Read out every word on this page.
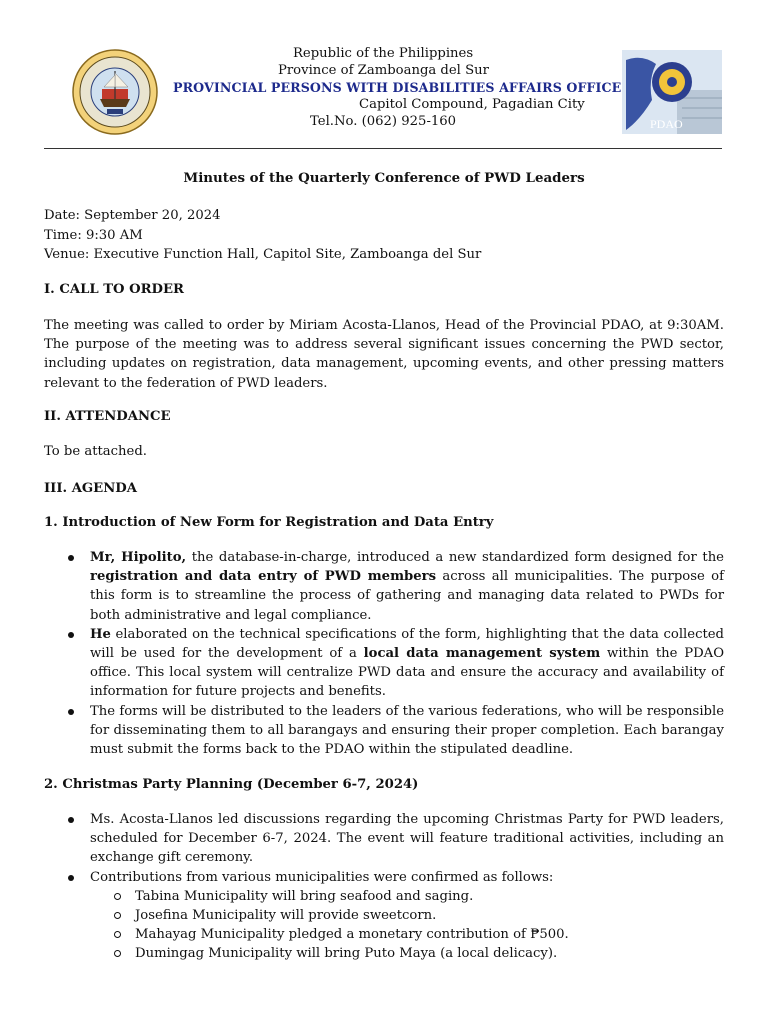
Republic of the Philippines
Province of Zamboanga del Sur
PROVINCIAL PERSONS WITH DISABILITIES AFFAIRS OFFICE
Capitol Compound, Pagadian City
Tel.No. (062) 925-160	PDAO
Minutes of the Quarterly Conference of PWD Leaders
Date: September 20, 2024
Time: 9:30 AM
Venue: Executive Function Hall, Capitol Site, Zamboanga del Sur
I. CALL TO ORDER
The meeting was called to order by Miriam Acosta-Llanos, Head of the Provincial PDAO, at 9:30AM. The purpose of the meeting was to address several significant issues concerning the PWD sector, including updates on registration, data management, upcoming events, and other pressing matters relevant to the federation of PWD leaders.
II. ATTENDANCE
To be attached.
III. AGENDA
1. Introduction of New Form for Registration and Data Entry
Mr, Hipolito, the database-in-charge, introduced a new standardized form designed for the registration and data entry of PWD members across all municipalities. The purpose of this form is to streamline the process of gathering and managing data related to PWDs for both administrative and legal compliance.
He elaborated on the technical specifications of the form, highlighting that the data collected will be used for the development of a local data management system within the PDAO office. This local system will centralize PWD data and ensure the accuracy and availability of information for future projects and benefits.
The forms will be distributed to the leaders of the various federations, who will be responsible for disseminating them to all barangays and ensuring their proper completion. Each barangay must submit the forms back to the PDAO within the stipulated deadline.
2. Christmas Party Planning (December 6-7, 2024)
Ms. Acosta-Llanos led discussions regarding the upcoming Christmas Party for PWD leaders, scheduled for December 6-7, 2024. The event will feature traditional activities, including an exchange gift ceremony.
Contributions from various municipalities were confirmed as follows:
Tabina Municipality will bring seafood and saging.
Josefina Municipality will provide sweetcorn.
Mahayag Municipality pledged a monetary contribution of ₱500.
Dumingag Municipality will bring Puto Maya (a local delicacy).
